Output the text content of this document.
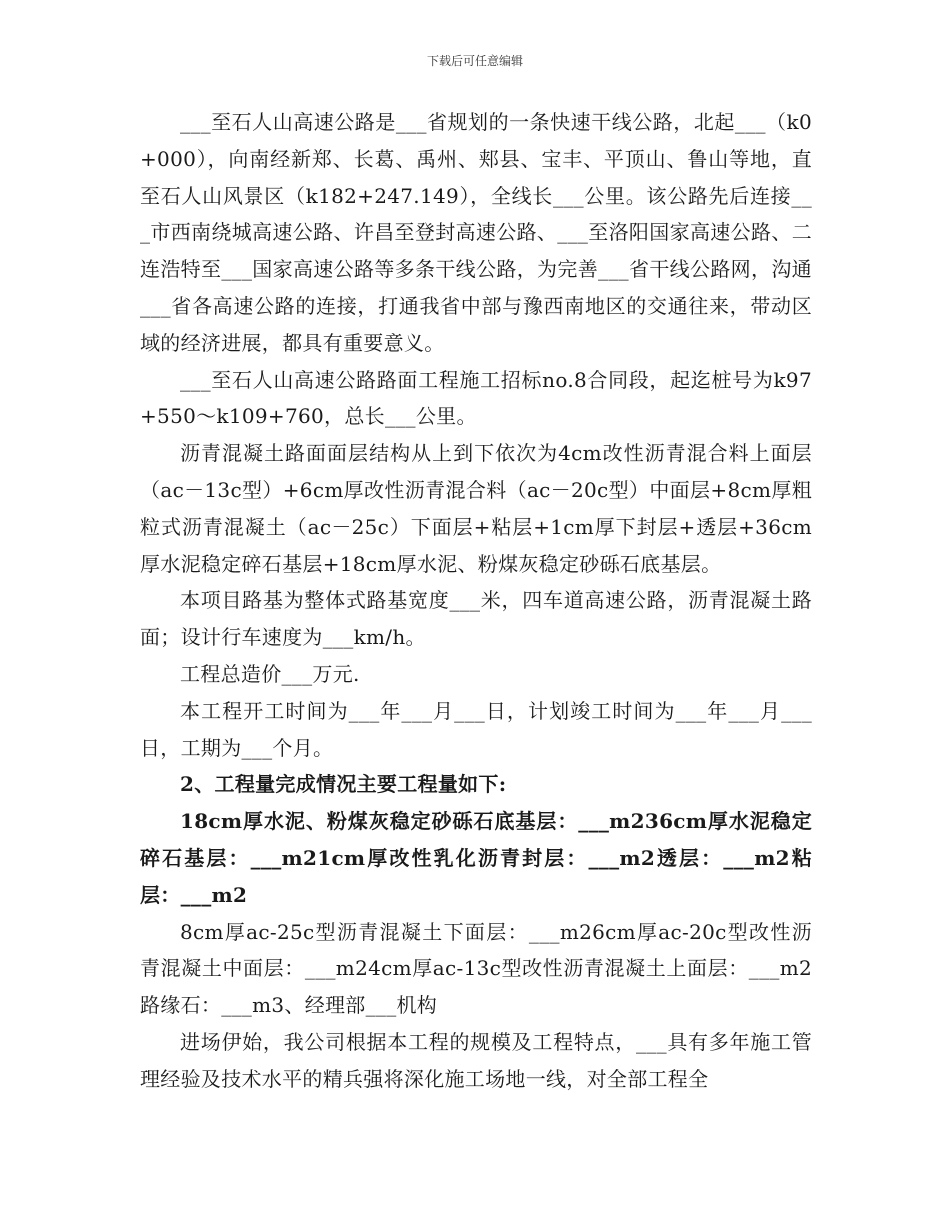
下载后可任意编辑

___至石人山高速公路是___省规划的一条快速干线公路，北起___（k0+000），向南经新郑、长葛、禹州、郏县、宝丰、平顶山、鲁山等地，直至石人山风景区（k182+247.149），全线长___公里。该公路先后连接___市西南绕城高速公路、许昌至登封高速公路、___至洛阳国家高速公路、二连浩特至___国家高速公路等多条干线公路，为完善___省干线公路网，沟通___省各高速公路的连接，打通我省中部与豫西南地区的交通往来，带动区域的经济进展，都具有重要意义。

___至石人山高速公路路面工程施工招标no.8合同段，起迄桩号为k97+550～k109+760，总长___公里。

沥青混凝土路面面层结构从上到下依次为4cm改性沥青混合料上面层（ac－13c型）+6cm厚改性沥青混合料（ac－20c型）中面层+8cm厚粗粒式沥青混凝土（ac－25c）下面层+粘层+1cm厚下封层+透层+36cm厚水泥稳定碎石基层+18cm厚水泥、粉煤灰稳定砂砾石底基层。

本项目路基为整体式路基宽度___米，四车道高速公路，沥青混凝土路面；设计行车速度为___km/h。

工程总造价___万元.

本工程开工时间为___年___月___日，计划竣工时间为___年___月___日，工期为___个月。

2、工程量完成情况主要工程量如下:

18cm厚水泥、粉煤灰稳定砂砾石底基层：___m236cm厚水泥稳定碎石基层：___m21cm厚改性乳化沥青封层：___m2透层：___m2粘层：___m2

8cm厚ac-25c型沥青混凝土下面层：___m26cm厚ac-20c型改性沥青混凝土中面层：___m24cm厚ac-13c型改性沥青混凝土上面层：___m2路缘石：___m3、经理部___机构

进场伊始，我公司根据本工程的规模及工程特点，___具有多年施工管理经验及技术水平的精兵强将深化施工场地一线，对全部工程全
